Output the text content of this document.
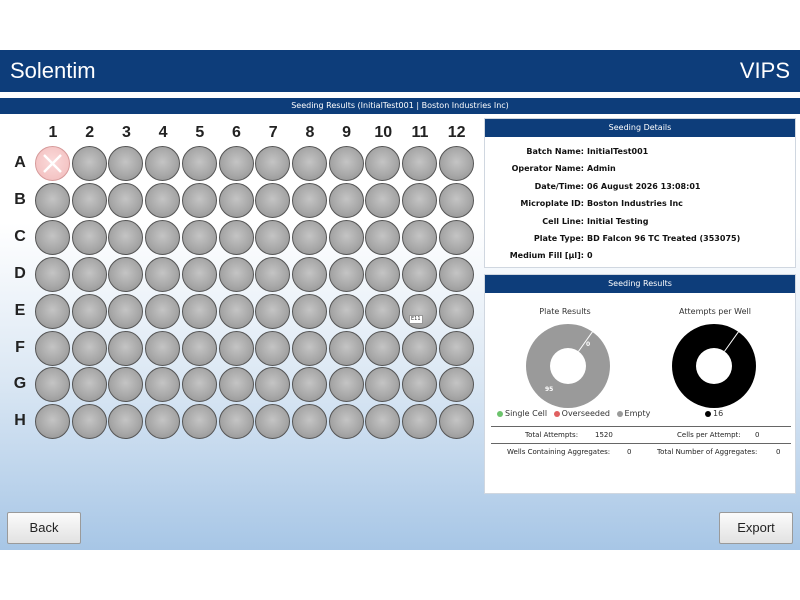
Solentim	VIPS
Seeding Results (InitialTest001 | Boston Industries Inc)
1	2	3	4	5	6	7	8	9	10	11	12
A
B
C
D
E
F
G
H
E11
Seeding Details
Batch Name: InitialTest001
Operator Name: Admin
Date/Time: 06 August 2026 13:08:01
Microplate ID: Boston Industries Inc
Cell Line: Initial Testing
Plate Type: BD Falcon 96 TC Treated (353075)
Medium Fill [µl]: 0
Seeding Results
Plate Results	Attempts per Well
95
0
Single Cell Overseeded Empty	16
Total Attempts: 1520	Cells per Attempt: 0
Wells Containing Aggregates: 0	Total Number of Aggregates:	0
Back	Export
